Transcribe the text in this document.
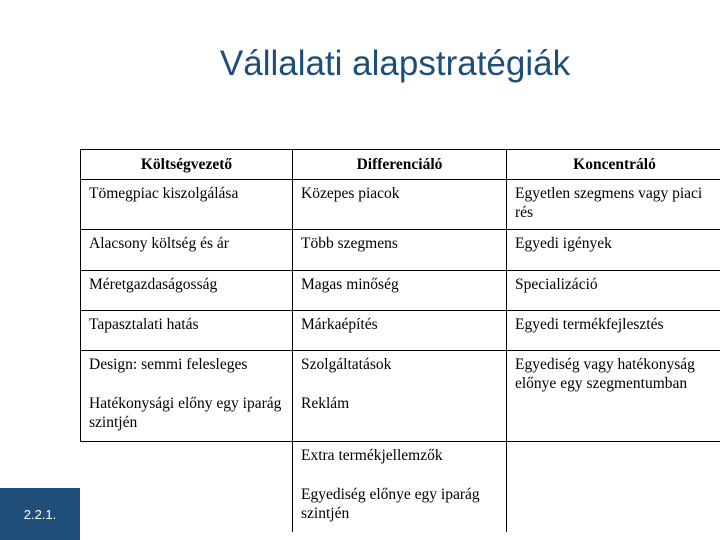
Vállalati alapstratégiák
Költségvezető	Differenciáló	Koncentráló
Tömegpiac kiszolgálása	Közepes piacok	Egyetlen szegmens vagy piaci rés
Alacsony költség és ár	Több szegmens	Egyedi igények
Méretgazdaságosság	Magas minőség	Specializáció
Tapasztalati hatás	Márkaépítés	Egyedi termékfejlesztés
Design: semmi felesleges	Szolgáltatások	Egyediség vagy hatékonyság előnye egy szegmentumban
Hatékonysági előny egy iparág szintjén	Reklám	
	Extra termékjellemzők	
	Egyediség előnye egy iparág szintjén	
2.2.1.
